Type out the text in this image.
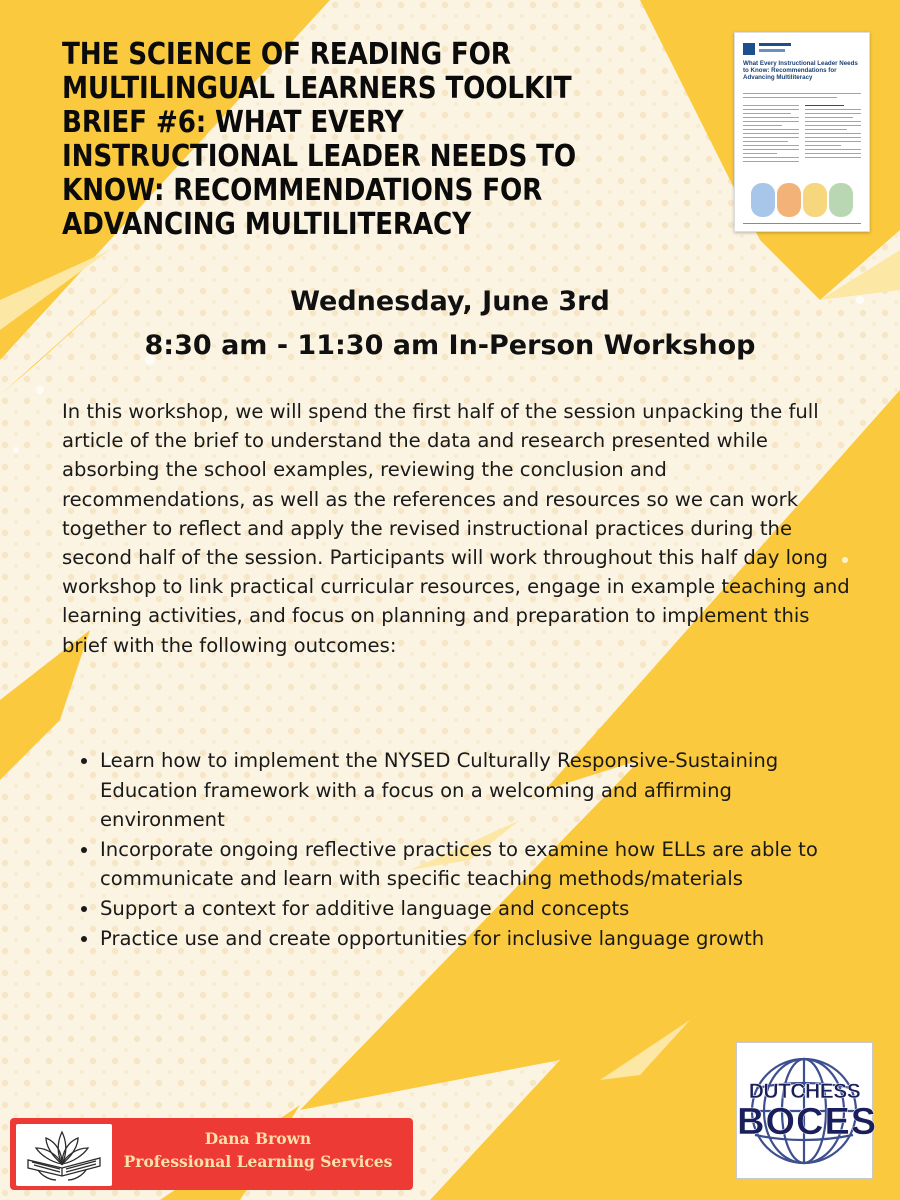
THE SCIENCE OF READING FOR MULTILINGUAL LEARNERS TOOLKIT BRIEF #6: WHAT EVERY INSTRUCTIONAL LEADER NEEDS TO KNOW: RECOMMENDATIONS FOR ADVANCING MULTILITERACY
What Every Instructional Leader Needs to Know: Recommendations for Advancing Multiliteracy
Wednesday, June 3rd
8:30 am - 11:30 am In-Person Workshop

In this workshop, we will spend the first half of the session unpacking the full article of the brief to understand the data and research presented while absorbing the school examples, reviewing the conclusion and recommendations, as well as the references and resources so we can work together to reflect and apply the revised instructional practices during the second half of the session. Participants will work throughout this half day long workshop to link practical curricular resources, engage in example teaching and learning activities, and focus on planning and preparation to implement this brief with the following outcomes:

• Learn how to implement the NYSED Culturally Responsive-Sustaining Education framework with a focus on a welcoming and affirming environment
• Incorporate ongoing reflective practices to examine how ELLs are able to communicate and learn with specific teaching methods/materials
• Support a context for additive language and concepts
• Practice use and create opportunities for inclusive language growth
DUTCHESS
BOCES
Dana Brown
Professional Learning Services
